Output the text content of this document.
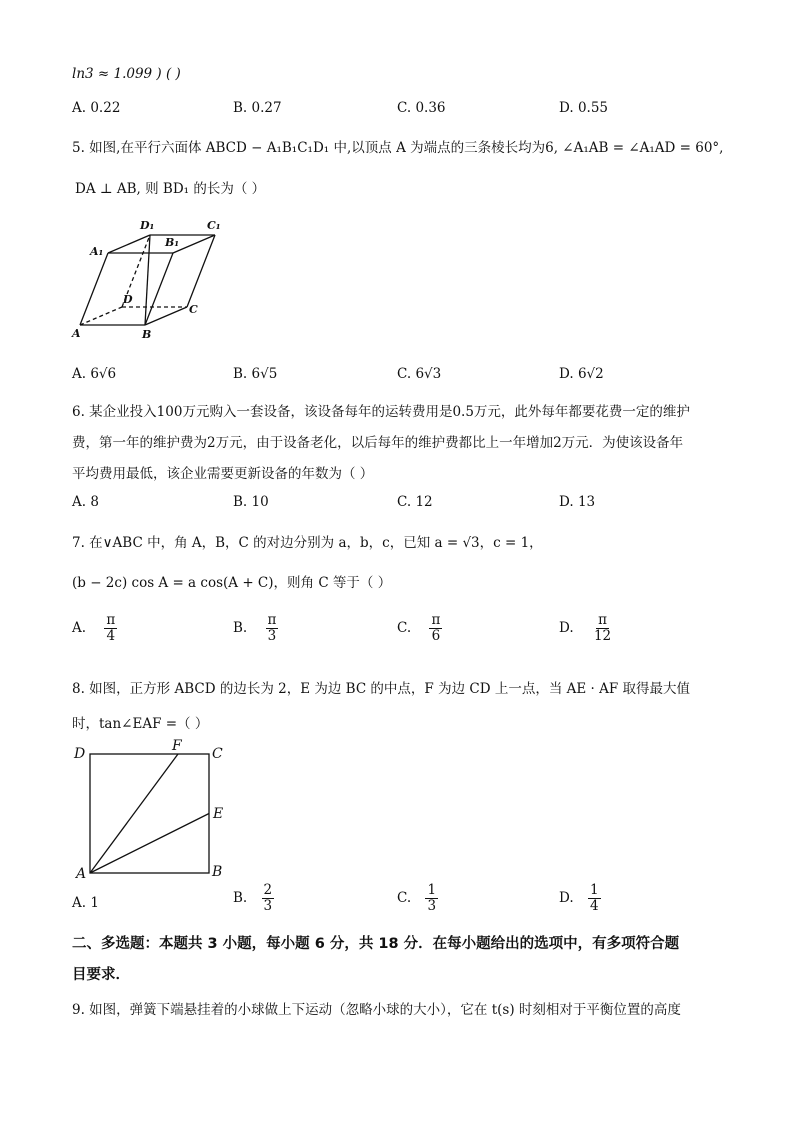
ln3 ≈ 1.099 ) ( )
A. 0.22	B. 0.27	C. 0.36	D. 0.55
5. 如图,在平行六面体 ABCD − A₁B₁C₁D₁ 中,以顶点 A 为端点的三条棱长均为6, ∠A₁AB = ∠A₁AD = 60°,
DA ⊥ AB, 则 BD₁ 的长为（ ）
A	B
C
D
A₁
B₁
C₁
D₁
A. 6√6	B. 6√5	C. 6√3	D. 6√2
6. 某企业投入100万元购入一套设备，该设备每年的运转费用是0.5万元，此外每年都要花费一定的维护
费，第一年的维护费为2万元，由于设备老化，以后每年的维护费都比上一年增加2万元．为使该设备年
平均费用最低，该企业需要更新设备的年数为（ ）
A. 8	B. 10	C. 12	D. 13
7. 在∨ABC 中，角 A，B，C 的对边分别为 a，b，c，已知 a = √3，c = 1，
(b − 2c) cos A = a cos(A + C)，则角 C 等于（ ）
A. $\frac{\pi}{4}$	B. $\frac{\pi}{3}$	C. $\frac{\pi}{6}$	D. $\frac{\pi}{12}$
8. 如图，正方形 ABCD 的边长为 2，E 为边 BC 的中点，F 为边 CD 上一点，当 AE · AF 取得最大值
时，tan∠EAF =（ ）
A	B
C
D
E
F
A. 1	B. $\frac{2}{3}$	C. $\frac{1}{3}$	D. $\frac{1}{4}$
二、多选题：本题共 3 小题，每小题 6 分，共 18 分．在每小题给出的选项中，有多项符合题
目要求．
9. 如图，弹簧下端悬挂着的小球做上下运动（忽略小球的大小），它在 t(s) 时刻相对于平衡位置的高度
